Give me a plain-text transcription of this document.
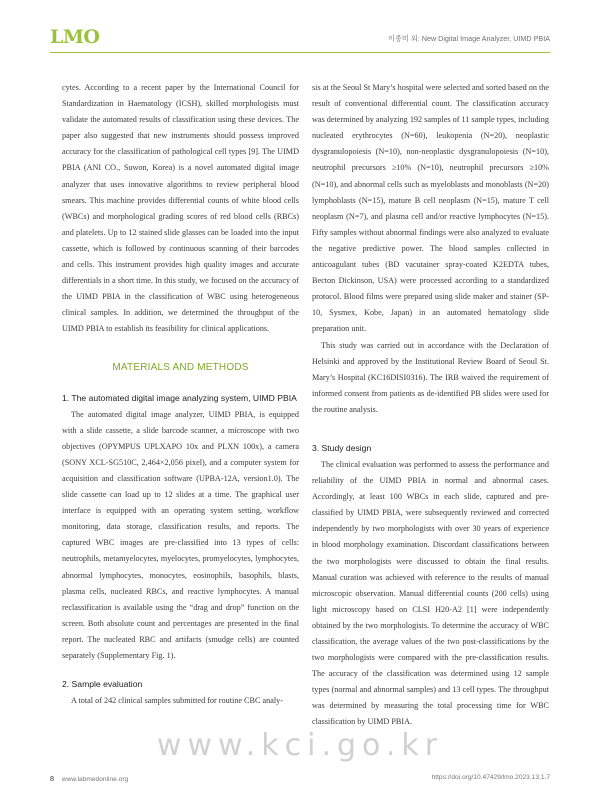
LMO	이종미 외: New Digital Image Analyzer, UIMD PBIA

cytes. According to a recent paper by the International Council for Standardization in Haematology (ICSH), skilled morphologists must validate the automated results of classification using these devices. The paper also suggested that new instruments should possess improved accuracy for the classification of pathological cell types [9]. The UIMD PBIA (ANI CO., Suwon, Korea) is a novel automated digital image analyzer that uses innovative algorithms to review peripheral blood smears. This machine provides differential counts of white blood cells (WBCs) and morphological grading scores of red blood cells (RBCs) and platelets. Up to 12 stained slide glasses can be loaded into the input cassette, which is followed by continuous scanning of their barcodes and cells. This instrument provides high quality images and accurate differentials in a short time. In this study, we focused on the accuracy of the UIMD PBIA in the classification of WBC using heterogeneous clinical samples. In addition, we determined the throughput of the UIMD PBIA to establish its feasibility for clinical applications.

MATERIALS AND METHODS
1. The automated digital image analyzing system, UIMD PBIA

The automated digital image analyzer, UIMD PBIA, is equipped with a slide cassette, a slide barcode scanner, a microscope with two objectives (OPYMPUS UPLXAPO 10x and PLXN 100x), a camera (SONY XCL-SG510C, 2,464×2,056 pixel), and a computer system for acquisition and classification software (UPBA-12A, version1.0). The slide cassette can load up to 12 slides at a time. The graphical user interface is equipped with an operating system setting, workflow monitoring, data storage, classification results, and reports. The captured WBC images are pre-classified into 13 types of cells: neutrophils, metamyelocytes, myelocytes, promyelocytes, lymphocytes, abnormal lymphocytes, monocytes, eosinophils, basophils, blasts, plasma cells, nucleated RBCs, and reactive lymphocytes. A manual reclassification is available using the “drag and drop” function on the screen. Both absolute count and percentages are presented in the final report. The nucleated RBC and artifacts (smudge cells) are counted separately (Supplementary Fig. 1).

2. Sample evaluation

A total of 242 clinical samples submitted for routine CBC analy-

sis at the Seoul St Mary’s hospital were selected and sorted based on the result of conventional differential count. The classification accuracy was determined by analyzing 192 samples of 11 sample types, including nucleated erythrocytes (N=60), leukopenia (N=20), neoplastic dysgranulopoiesis (N=10), non-neoplastic dysgranulopoiesis (N=10), neutrophil precursors ≥10% (N=10), neutrophil precursors ≥10% (N=10), and abnormal cells such as myeloblasts and monoblasts (N=20) lymphoblasts (N=15), mature B cell neoplasm (N=15), mature T cell neoplasm (N=7), and plasma cell and/or reactive lymphocytes (N=15). Fifty samples without abnormal findings were also analyzed to evaluate the negative predictive power. The blood samples collected in anticoagulant tubes (BD vacutainer spray-coated K2EDTA tubes, Becton Dickinson, USA) were processed according to a standardized protocol. Blood films were prepared using slide maker and stainer (SP-10, Sysmex, Kobe, Japan) in an automated hematology slide preparation unit.

This study was carried out in accordance with the Declaration of Helsinki and approved by the Institutional Review Board of Seoul St. Mary’s Hospital (KC16DISI0316). The IRB waived the requirement of informed consent from patients as de-identified PB slides were used for the routine analysis.

3. Study design

The clinical evaluation was performed to assess the performance and reliability of the UIMD PBIA in normal and abnormal cases. Accordingly, at least 100 WBCs in each slide, captured and pre-classified by UIMD PBIA, were subsequently reviewed and corrected independently by two morphologists with over 30 years of experience in blood morphology examination. Discordant classifications between the two morphologists were discussed to obtain the final results. Manual curation was achieved with reference to the results of manual microscopic observation. Manual differential counts (200 cells) using light microscopy based on CLSI H20-A2 [1] were independently obtained by the two morphologists. To determine the accuracy of WBC classification, the average values of the two post-classifications by the two morphologists were compared with the pre-classification results. The accuracy of the classification was determined using 12 sample types (normal and abnormal samples) and 13 cell types. The throughput was determined by measuring the total processing time for WBC classification by UIMD PBIA.

www.kci.go.kr
8 www.labmedonline.org	https://doi.org/10.47429/lmo.2023.13.1.7
